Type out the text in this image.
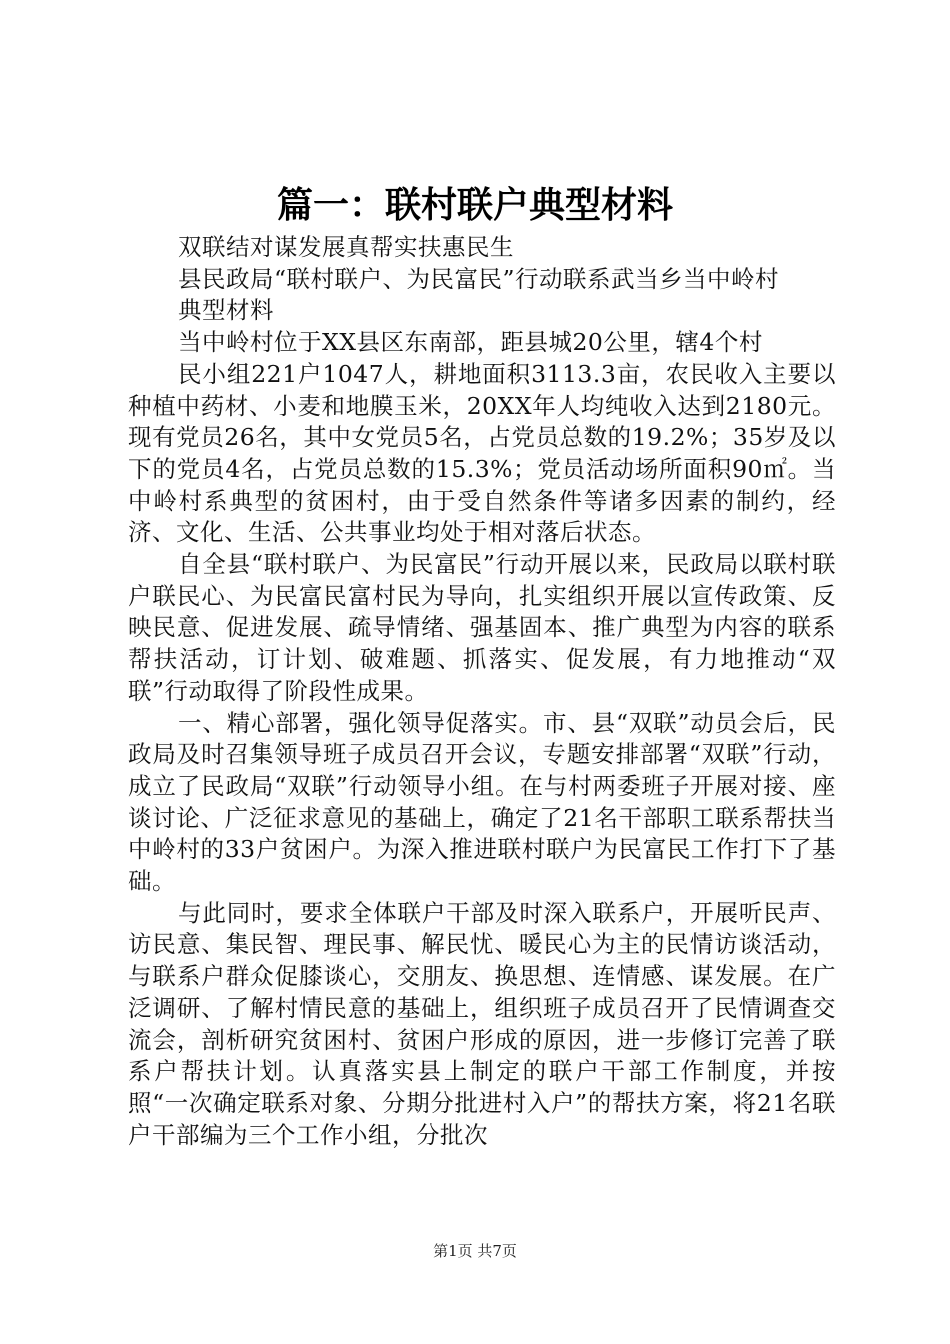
篇一：联村联户典型材料

双联结对谋发展真帮实扶惠民生

县民政局“联村联户、为民富民”行动联系武当乡当中岭村

典型材料

当中岭村位于XX县区东南部，距县城20公里，辖4个村

民小组221户1047人，耕地面积3113.3亩，农民收入主要以种植中药材、小麦和地膜玉米，20XX年人均纯收入达到2180元。现有党员26名，其中女党员5名，占党员总数的19.2%；35岁及以下的党员4名，占党员总数的15.3%；党员活动场所面积90㎡。当中岭村系典型的贫困村，由于受自然条件等诸多因素的制约，经济、文化、生活、公共事业均处于相对落后状态。

自全县“联村联户、为民富民”行动开展以来，民政局以联村联户联民心、为民富民富村民为导向，扎实组织开展以宣传政策、反映民意、促进发展、疏导情绪、强基固本、推广典型为内容的联系帮扶活动，订计划、破难题、抓落实、促发展，有力地推动“双联”行动取得了阶段性成果。

一、精心部署，强化领导促落实。市、县“双联”动员会后，民政局及时召集领导班子成员召开会议，专题安排部署“双联”行动，成立了民政局“双联”行动领导小组。在与村两委班子开展对接、座谈讨论、广泛征求意见的基础上，确定了21名干部职工联系帮扶当中岭村的33户贫困户。为深入推进联村联户为民富民工作打下了基础。

与此同时，要求全体联户干部及时深入联系户，开展听民声、访民意、集民智、理民事、解民忧、暖民心为主的民情访谈活动，与联系户群众促膝谈心，交朋友、换思想、连情感、谋发展。在广泛调研、了解村情民意的基础上，组织班子成员召开了民情调查交流会，剖析研究贫困村、贫困户形成的原因，进一步修订完善了联系户帮扶计划。认真落实县上制定的联户干部工作制度，并按照“一次确定联系对象、分期分批进村入户”的帮扶方案，将21名联户干部编为三个工作小组，分批次

第1页 共7页
